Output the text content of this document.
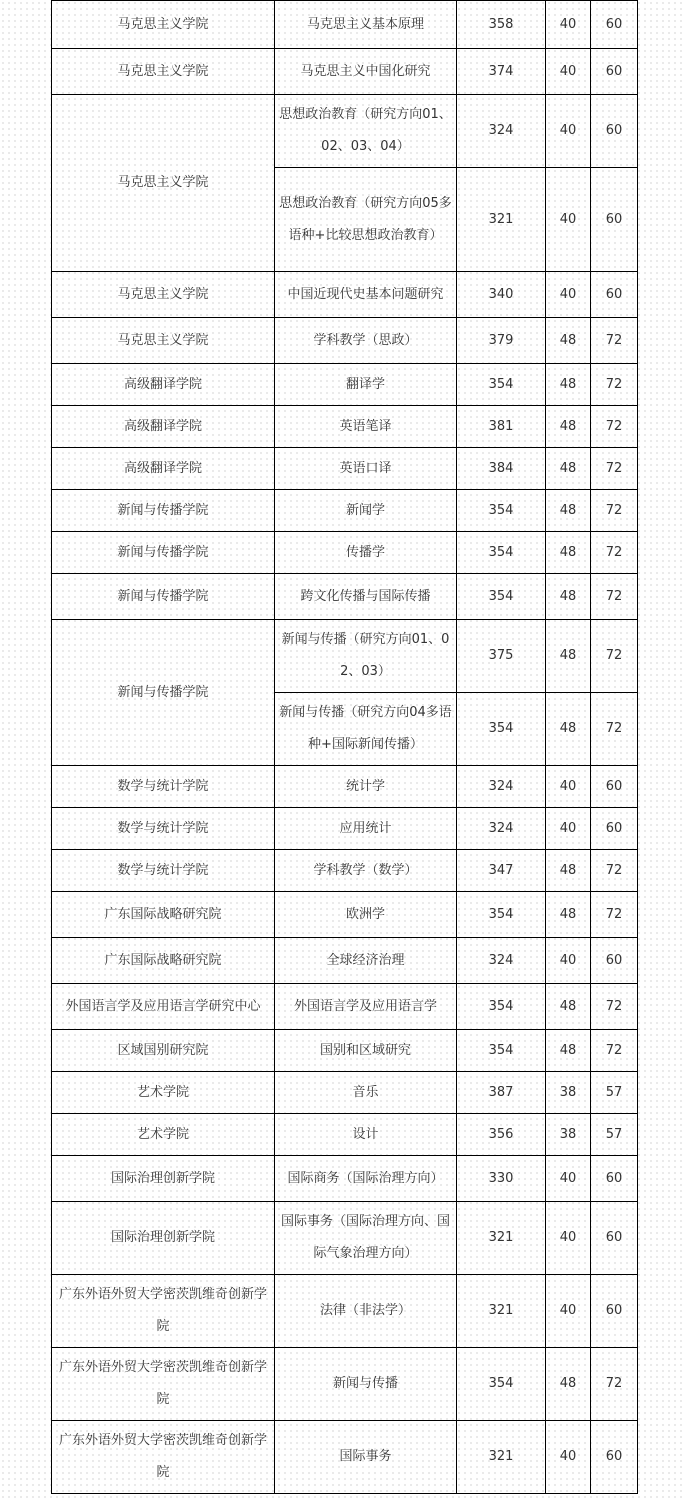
马克思主义学院	马克思主义基本原理	358	40	60
马克思主义学院	马克思主义中国化研究	374	40	60
马克思主义学院	思想政治教育（研究方向01、02、03、04）	324	40	60
	思想政治教育（研究方向05多语种+比较思想政治教育）	321	40	60
马克思主义学院	中国近现代史基本问题研究	340	40	60
马克思主义学院	学科教学（思政）	379	48	72
高级翻译学院	翻译学	354	48	72
高级翻译学院	英语笔译	381	48	72
高级翻译学院	英语口译	384	48	72
新闻与传播学院	新闻学	354	48	72
新闻与传播学院	传播学	354	48	72
新闻与传播学院	跨文化传播与国际传播	354	48	72
新闻与传播学院	新闻与传播（研究方向01、02、03）	375	48	72
	新闻与传播（研究方向04多语种+国际新闻传播）	354	48	72
数学与统计学院	统计学	324	40	60
数学与统计学院	应用统计	324	40	60
数学与统计学院	学科教学（数学）	347	48	72
广东国际战略研究院	欧洲学	354	48	72
广东国际战略研究院	全球经济治理	324	40	60
外国语言学及应用语言学研究中心	外国语言学及应用语言学	354	48	72
区域国别研究院	国别和区域研究	354	48	72
艺术学院	音乐	387	38	57
艺术学院	设计	356	38	57
国际治理创新学院	国际商务（国际治理方向）	330	40	60
国际治理创新学院	国际事务（国际治理方向、国际气象治理方向）	321	40	60
广东外语外贸大学密茨凯维奇创新学院	法律（非法学）	321	40	60
广东外语外贸大学密茨凯维奇创新学院	新闻与传播	354	48	72
广东外语外贸大学密茨凯维奇创新学院	国际事务	321	40	60
